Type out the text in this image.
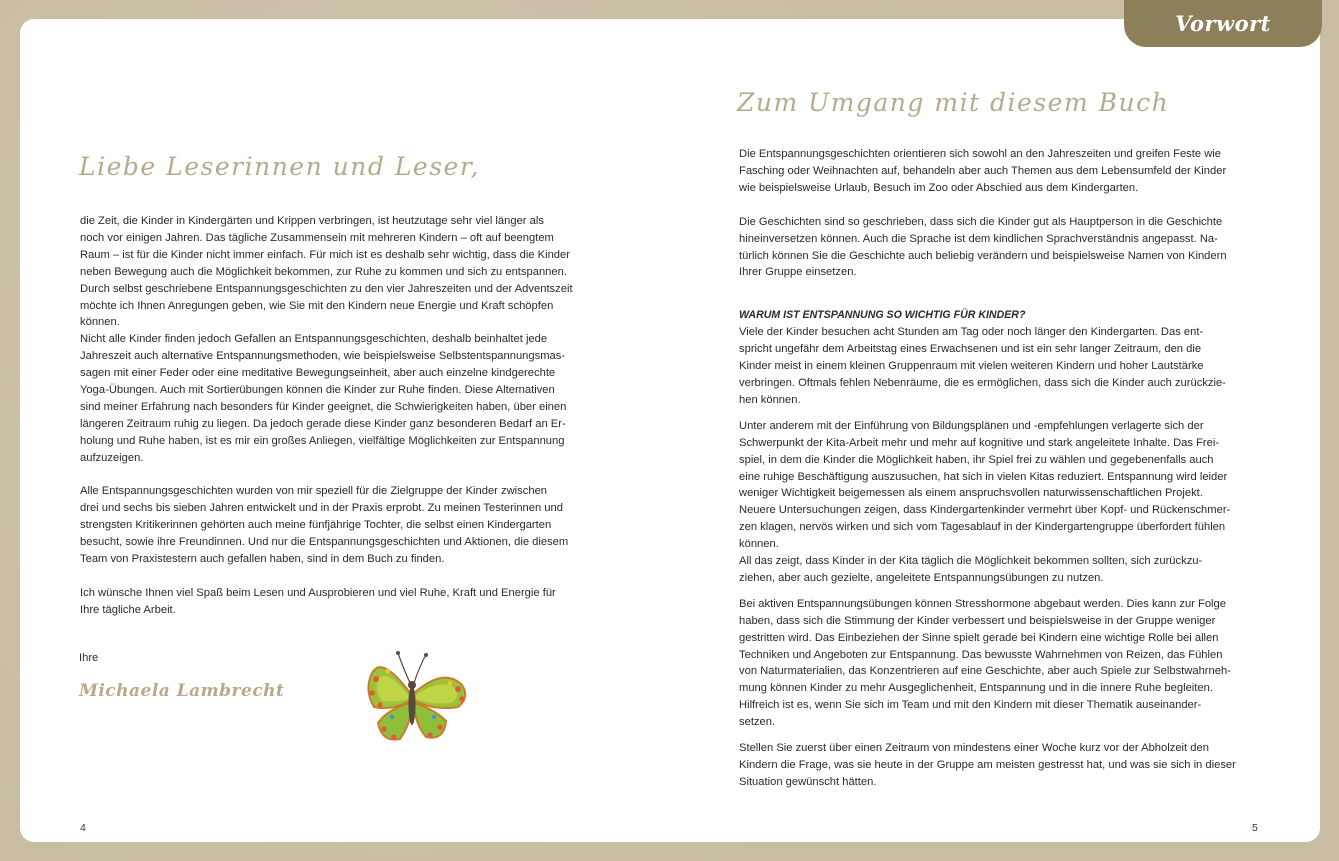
Vorwort
Liebe Leserinnen und Leser,

die Zeit, die Kinder in Kindergärten und Krippen verbringen, ist heutzutage sehr viel länger als

noch vor einigen Jahren. Das tägliche Zusammensein mit mehreren Kindern – oft auf beengtem

Raum – ist für die Kinder nicht immer einfach. Für mich ist es deshalb sehr wichtig, dass die Kinder

neben Bewegung auch die Möglichkeit bekommen, zur Ruhe zu kommen und sich zu entspannen.

Durch selbst geschriebene Entspannungsgeschichten zu den vier Jahreszeiten und der Adventszeit

möchte ich Ihnen Anregungen geben, wie Sie mit den Kindern neue Energie und Kraft schöpfen

können.

Nicht alle Kinder finden jedoch Gefallen an Entspannungsgeschichten, deshalb beinhaltet jede

Jahreszeit auch alternative Entspannungsmethoden, wie beispielsweise Selbstentspannungsmas-

sagen mit einer Feder oder eine meditative Bewegungseinheit, aber auch einzelne kindgerechte

Yoga-Übungen. Auch mit Sortierübungen können die Kinder zur Ruhe finden. Diese Alternativen

sind meiner Erfahrung nach besonders für Kinder geeignet, die Schwierigkeiten haben, über einen

längeren Zeitraum ruhig zu liegen. Da jedoch gerade diese Kinder ganz besonderen Bedarf an Er-

holung und Ruhe haben, ist es mir ein großes Anliegen, vielfältige Möglichkeiten zur Entspannung

aufzuzeigen.

Alle Entspannungsgeschichten wurden von mir speziell für die Zielgruppe der Kinder zwischen

drei und sechs bis sieben Jahren entwickelt und in der Praxis erprobt. Zu meinen Testerinnen und

strengsten Kritikerinnen gehörten auch meine fünfjährige Tochter, die selbst einen Kindergarten

besucht, sowie ihre Freundinnen. Und nur die Entspannungsgeschichten und Aktionen, die diesem

Team von Praxistestern auch gefallen haben, sind in dem Buch zu finden.

Ich wünsche Ihnen viel Spaß beim Lesen und Ausprobieren und viel Ruhe, Kraft und Energie für

Ihre tägliche Arbeit.

Ihre
Michaela Lambrecht
4
Zum Umgang mit diesem Buch

Die Entspannungsgeschichten orientieren sich sowohl an den Jahreszeiten und greifen Feste wie

Fasching oder Weihnachten auf, behandeln aber auch Themen aus dem Lebensumfeld der Kinder

wie beispielsweise Urlaub, Besuch im Zoo oder Abschied aus dem Kindergarten.

Die Geschichten sind so geschrieben, dass sich die Kinder gut als Hauptperson in die Geschichte

hineinversetzen können. Auch die Sprache ist dem kindlichen Sprachverständnis angepasst. Na-

türlich können Sie die Geschichte auch beliebig verändern und beispielsweise Namen von Kindern

Ihrer Gruppe einsetzen.

WARUM IST ENTSPANNUNG SO WICHTIG FÜR KINDER?

Viele der Kinder besuchen acht Stunden am Tag oder noch länger den Kindergarten. Das ent-

spricht ungefähr dem Arbeitstag eines Erwachsenen und ist ein sehr langer Zeitraum, den die

Kinder meist in einem kleinen Gruppenraum mit vielen weiteren Kindern und hoher Lautstärke

verbringen. Oftmals fehlen Nebenräume, die es ermöglichen, dass sich die Kinder auch zurückzie-

hen können.

Unter anderem mit der Einführung von Bildungsplänen und -empfehlungen verlagerte sich der

Schwerpunkt der Kita-Arbeit mehr und mehr auf kognitive und stark angeleitete Inhalte. Das Frei-

spiel, in dem die Kinder die Möglichkeit haben, ihr Spiel frei zu wählen und gegebenenfalls auch

eine ruhige Beschäftigung auszusuchen, hat sich in vielen Kitas reduziert. Entspannung wird leider

weniger Wichtigkeit beigemessen als einem anspruchsvollen naturwissenschaftlichen Projekt.

Neuere Untersuchungen zeigen, dass Kindergartenkinder vermehrt über Kopf- und Rückenschmer-

zen klagen, nervös wirken und sich vom Tagesablauf in der Kindergartengruppe überfordert fühlen

können.

All das zeigt, dass Kinder in der Kita täglich die Möglichkeit bekommen sollten, sich zurückzu-

ziehen, aber auch gezielte, angeleitete Entspannungsübungen zu nutzen.

Bei aktiven Entspannungsübungen können Stresshormone abgebaut werden. Dies kann zur Folge

haben, dass sich die Stimmung der Kinder verbessert und beispielsweise in der Gruppe weniger

gestritten wird. Das Einbeziehen der Sinne spielt gerade bei Kindern eine wichtige Rolle bei allen

Techniken und Angeboten zur Entspannung. Das bewusste Wahrnehmen von Reizen, das Fühlen

von Naturmaterialien, das Konzentrieren auf eine Geschichte, aber auch Spiele zur Selbstwahrneh-

mung können Kinder zu mehr Ausgeglichenheit, Entspannung und in die innere Ruhe begleiten.

Hilfreich ist es, wenn Sie sich im Team und mit den Kindern mit dieser Thematik auseinander-

setzen.

Stellen Sie zuerst über einen Zeitraum von mindestens einer Woche kurz vor der Abholzeit den

Kindern die Frage, was sie heute in der Gruppe am meisten gestresst hat, und was sie sich in dieser

Situation gewünscht hätten.

5
